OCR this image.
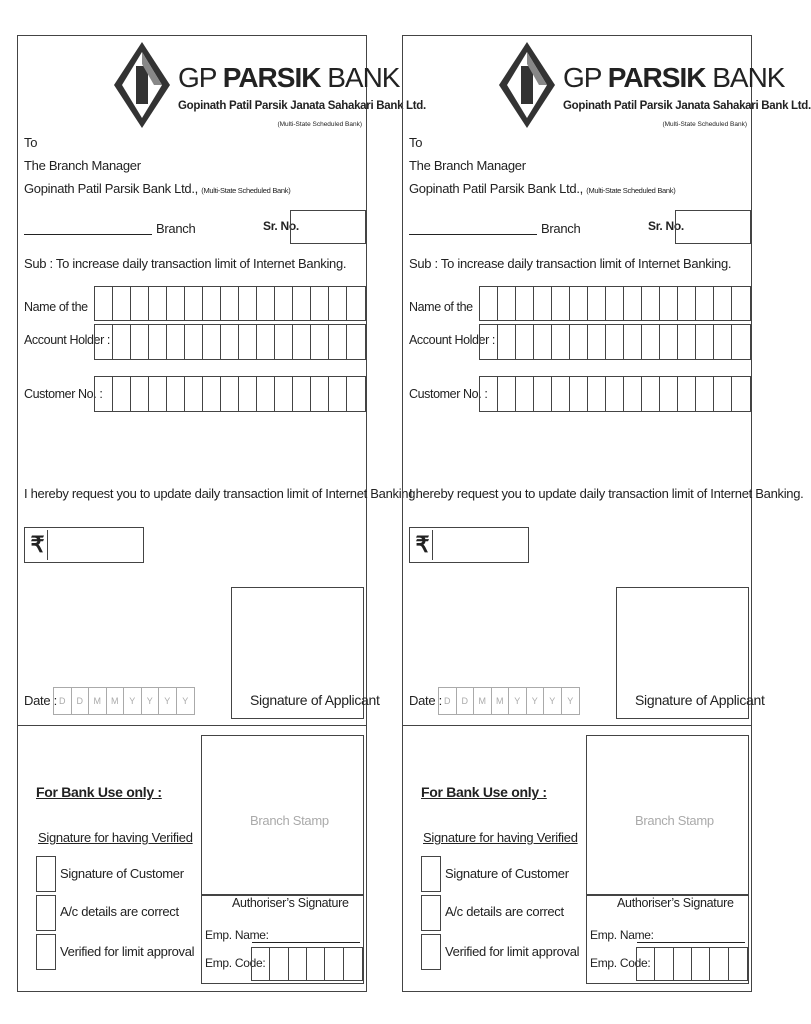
GP PARSIK BANK
Gopinath Patil Parsik Janata Sahakari Bank Ltd.
(Multi-State Scheduled Bank)
To
The Branch Manager
Gopinath Patil Parsik Bank Ltd., (Multi-State Scheduled Bank)
Branch	Sr. No.
Sub : To increase daily transaction limit of Internet Banking.
Name of the
Account Holder :
Customer No. :
I hereby request you to update daily transaction limit of Internet Banking.
₹
Signature of Applicant
Date : D	D	M	M	Y	Y	Y	Y
For Bank Use only :
Signature for having Verified
Signature of Customer
A/c details are correct
Verified for limit approval
Branch Stamp
Authoriser’s Signature
Emp. Name:
Emp. Code:
GP PARSIK BANK
Gopinath Patil Parsik Janata Sahakari Bank Ltd.
(Multi-State Scheduled Bank)
To
The Branch Manager
Gopinath Patil Parsik Bank Ltd., (Multi-State Scheduled Bank)
Branch	Sr. No.
Sub : To increase daily transaction limit of Internet Banking.
Name of the
Account Holder :
Customer No. :
I hereby request you to update daily transaction limit of Internet Banking.
₹
Signature of Applicant
Date : D	D	M	M	Y	Y	Y	Y
For Bank Use only :
Signature for having Verified
Signature of Customer
A/c details are correct
Verified for limit approval
Branch Stamp
Authoriser’s Signature
Emp. Name:
Emp. Code:
